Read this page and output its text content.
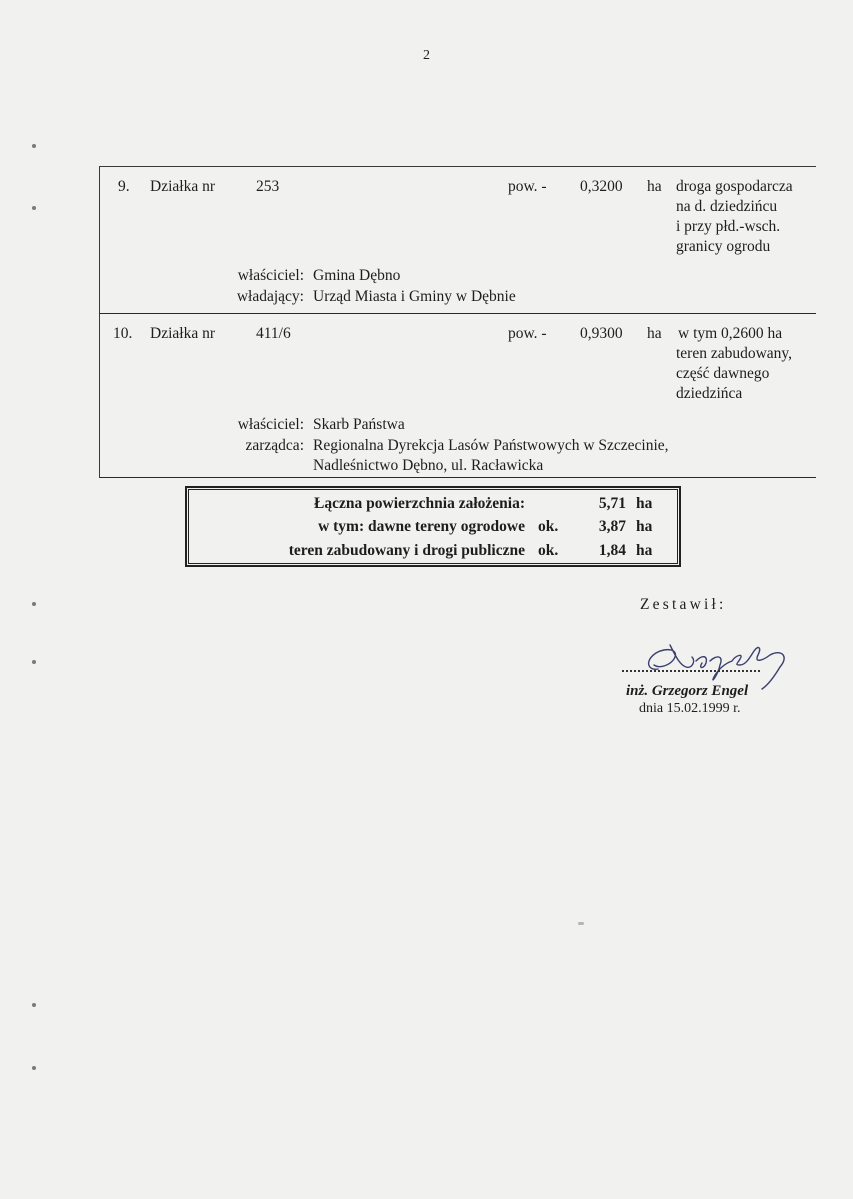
2
9. Działka nr	253	pow. - 0,3200 ha droga gospodarcza
na d. dziedzińcu
i przy płd.-wsch.
granicy ogrodu
właściciel: Gmina Dębno
władający: Urząd Miasta i Gminy w Dębnie
10. Działka nr	411/6	pow. - 0,9300 ha w tym 0,2600 ha
teren zabudowany,
część dawnego
dziedzińca
właściciel: Skarb Państwa
zarządca: Regionalna Dyrekcja Lasów Państwowych w Szczecinie,
Nadleśnictwo Dębno, ul. Racławicka
Łączna powierzchnia założenia:	5,71 ha
w tym: dawne tereny ogrodowe ok.	3,87 ha
teren zabudowany i drogi publiczne ok.	1,84 ha
Zestawił:
inż. Grzegorz Engel
dnia 15.02.1999 r.
